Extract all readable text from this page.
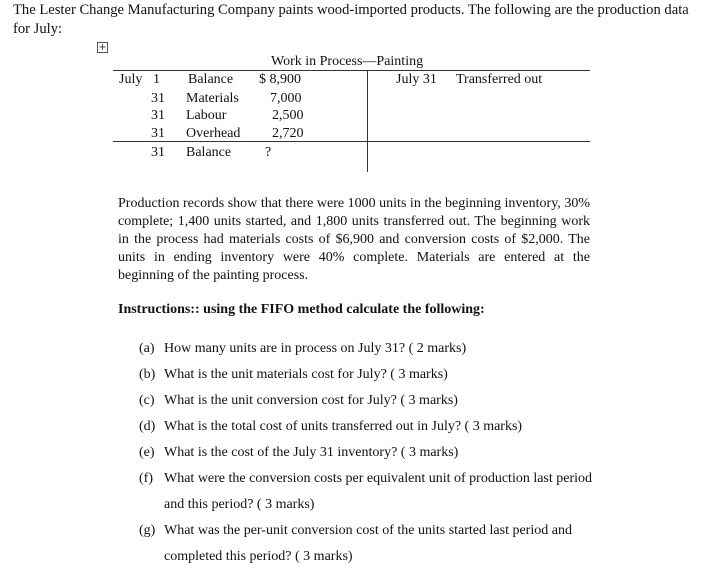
The Lester Change Manufacturing Company paints wood-imported products. The following are the production data for July:
+
Work in Process—Painting
July 1 Balance $ 8,900
31 Materials 7,000
31 Labour	2,500
31 Overhead 2,720
31 Balance ?
July 31 Transferred out
Production records show that there were 1000 units in the beginning inventory, 30% complete; 1,400 units started, and 1,800 units transferred out. The beginning work in the process had materials costs of $6,900 and conversion costs of $2,000. The units in ending inventory were 40% complete. Materials are entered at the beginning of the painting process.
Instructions:: using the FIFO method calculate the following:
(a) How many units are in process on July 31? ( 2 marks)
(b) What is the unit materials cost for July? ( 3 marks)
(c) What is the unit conversion cost for July? ( 3 marks)
(d) What is the total cost of units transferred out in July? ( 3 marks)
(e) What is the cost of the July 31 inventory? ( 3 marks)
(f) What were the conversion costs per equivalent unit of production last period and this period? ( 3 marks)
(g) What was the per-unit conversion cost of the units started last period and completed this period? ( 3 marks)
